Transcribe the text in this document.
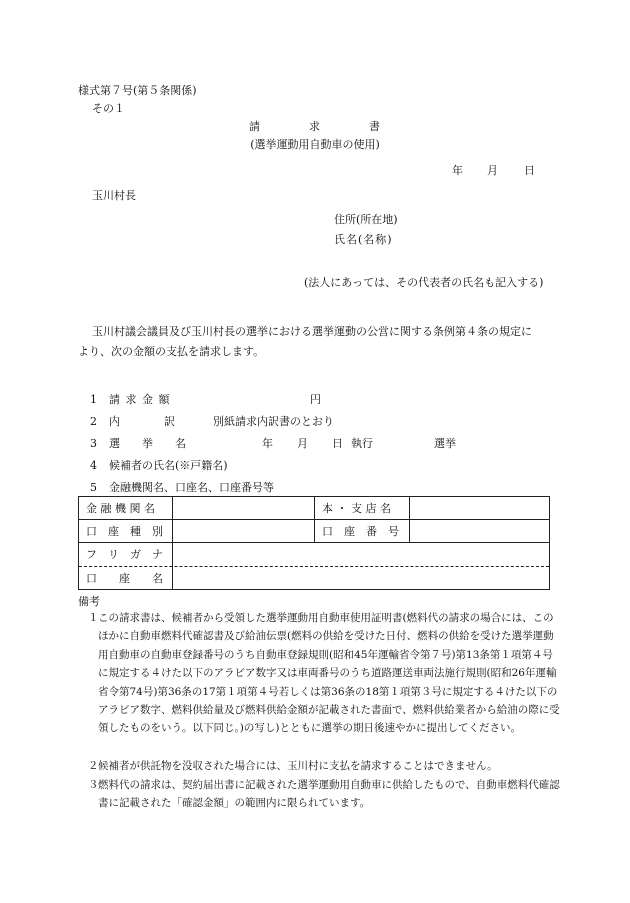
様式第７号(第５条関係)
その１
請　　　　求　　　　書
(選挙運動用自動車の使用)
年 月 日
玉川村長
住所(所在地)
氏名(名称)
(法人にあっては、その代表者の氏名も記入する)
玉川村議会議員及び玉川村長の選挙における選挙運動の公営に関する条例第４条の規定に
より、次の金額の支払を請求します。
1 請 求 金 額	円
2 内　　　　訳	別紙請求内訳書のとおり
3 選　　挙　　名	年 月 日 執行	選挙
4 候補者の氏名(※戸籍名)
5 金融機関名、口座名、口座番号等
金 融 機 関 名	本 ・ 支 店 名
口　座　種　別	口　座　番　号
フ　リ　ガ　ナ
口　　座　　名
備考
１ この請求書は、候補者から受領した選挙運動用自動車使用証明書(燃料代の請求の場合には、このほかに自動車燃料代確認書及び給油伝票(燃料の供給を受けた日付、燃料の供給を受けた選挙運動用自動車の自動車登録番号のうち自動車登録規則(昭和45年運輸省令第７号)第13条第１項第４号に規定する４けた以下のアラビア数字又は車両番号のうち道路運送車両法施行規則(昭和26年運輸省令第74号)第36条の17第１項第４号若しくは第36条の18第１項第３号に規定する４けた以下のアラビア数字、燃料供給量及び燃料供給金額が記載された書面で、燃料供給業者から給油の際に受領したものをいう。以下同じ。)の写し)とともに選挙の期日後速やかに提出してください。
２ 候補者が供託物を没収された場合には、玉川村に支払を請求することはできません。
３ 燃料代の請求は、契約届出書に記載された選挙運動用自動車に供給したもので、自動車燃料代確認書に記載された「確認金額」の範囲内に限られています。
